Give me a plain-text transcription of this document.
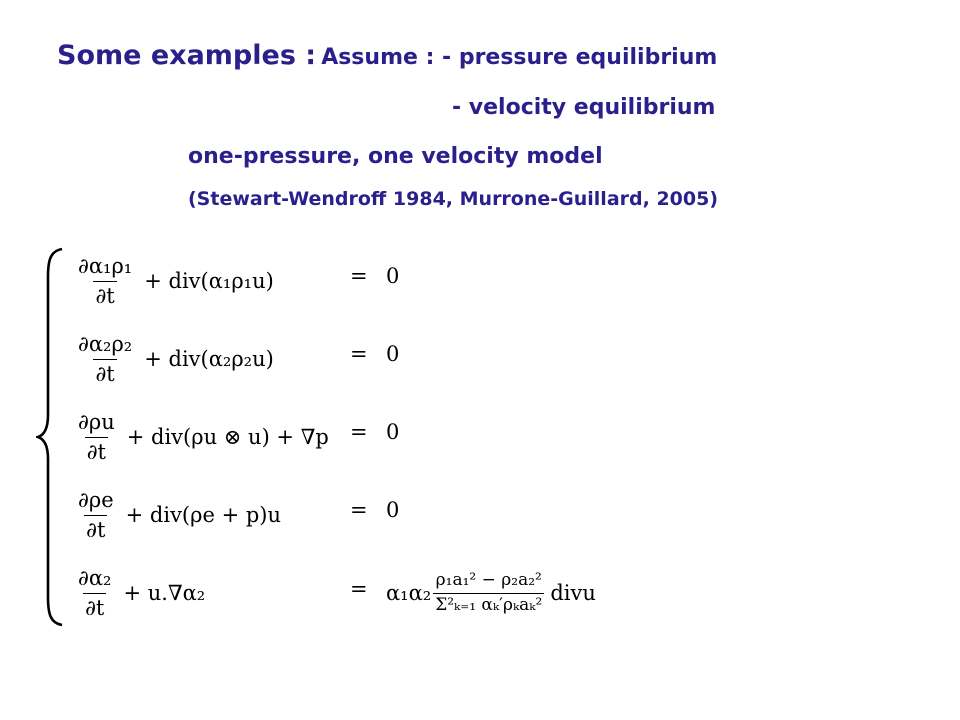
Some examples : Assume : - pressure equilibrium
- velocity equilibrium
one-pressure, one velocity model
(Stewart-Wendroff 1984, Murrone-Guillard, 2005)
$\frac{\text{∂α₁ρ₁}}{\partial t} + div(\alpha_1\rho_1u)$	= 0
$\frac{\text{∂α₂ρ₂}}{\partial t} + div(\alpha_2\rho_2u)$	= 0
$\frac{\partial\rho u}{\partial t} + div(\rho u$ ⊗ u) + ∇p = 0
$\frac{\partial\rho e}{\partial t} + div(\rho e + p)u$	= 0
$\frac{\text{∂α₂}}{\partial t} + u.\nabla\alpha_2$	= $\alpha_1\alpha_2 \frac{\text{ρ₁a₁² − ρ₂a₂²}}{\text{Σ²ₖ₌₁ αₖ′ρₖaₖ²}}$ divu
